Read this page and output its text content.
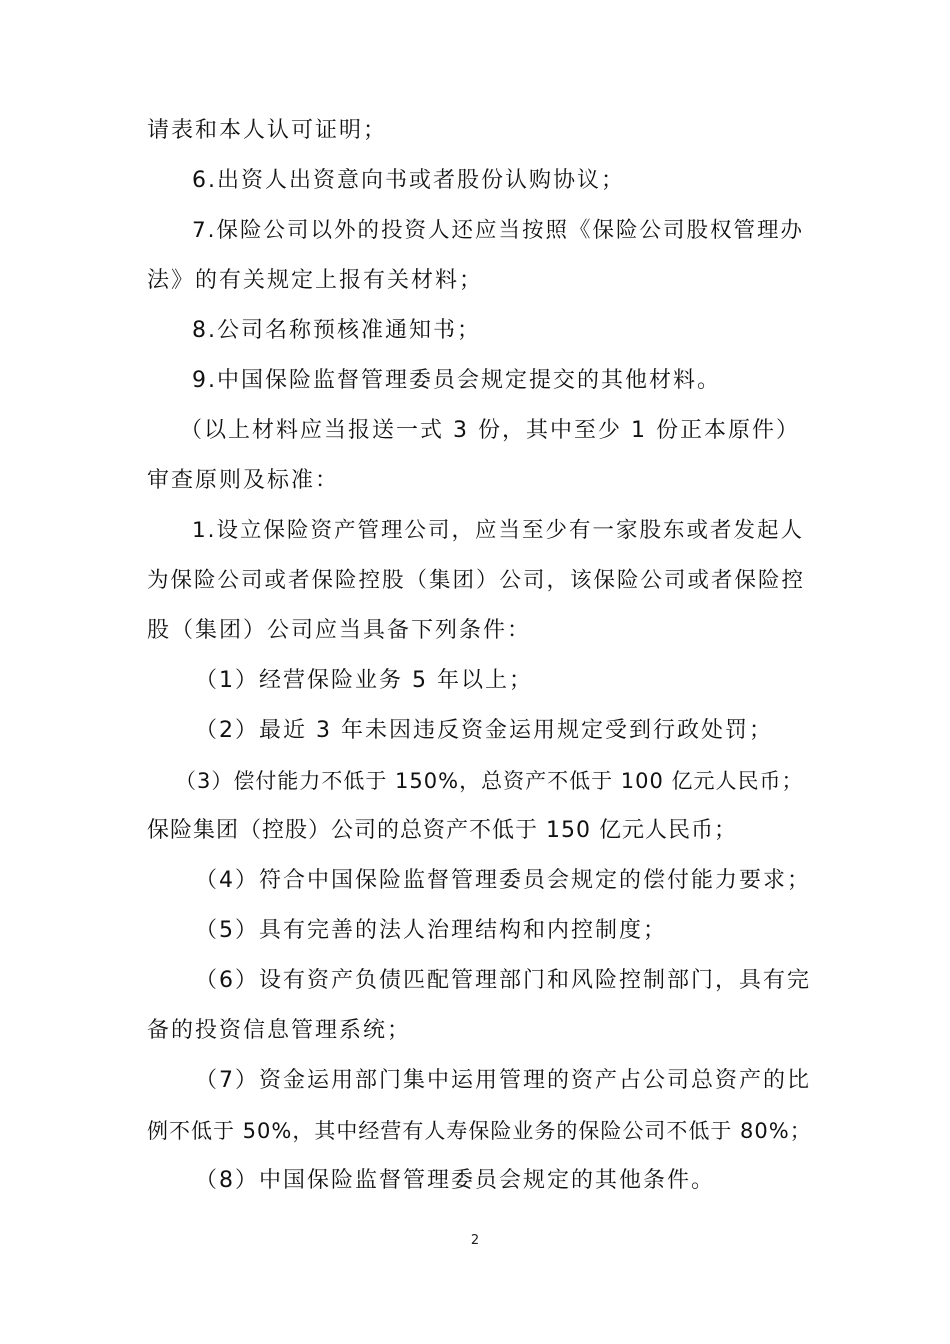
请表和本人认可证明；
6.出资人出资意向书或者股份认购协议；
7.保险公司以外的投资人还应当按照《保险公司股权管理办
法》的有关规定上报有关材料；
8.公司名称预核准通知书；
9.中国保险监督管理委员会规定提交的其他材料。
（以上材料应当报送一式 3 份，其中至少 1 份正本原件）
审查原则及标准：
1.设立保险资产管理公司，应当至少有一家股东或者发起人
为保险公司或者保险控股（集团）公司，该保险公司或者保险控
股（集团）公司应当具备下列条件：
（1）经营保险业务 5 年以上；
（2）最近 3 年未因违反资金运用规定受到行政处罚；
（3）偿付能力不低于 150%，总资产不低于 100 亿元人民币；
保险集团（控股）公司的总资产不低于 150 亿元人民币；
（4）符合中国保险监督管理委员会规定的偿付能力要求；
（5）具有完善的法人治理结构和内控制度；
（6）设有资产负债匹配管理部门和风险控制部门，具有完
备的投资信息管理系统；
（7）资金运用部门集中运用管理的资产占公司总资产的比
例不低于 50%，其中经营有人寿保险业务的保险公司不低于 80%；
（8）中国保险监督管理委员会规定的其他条件。
2
